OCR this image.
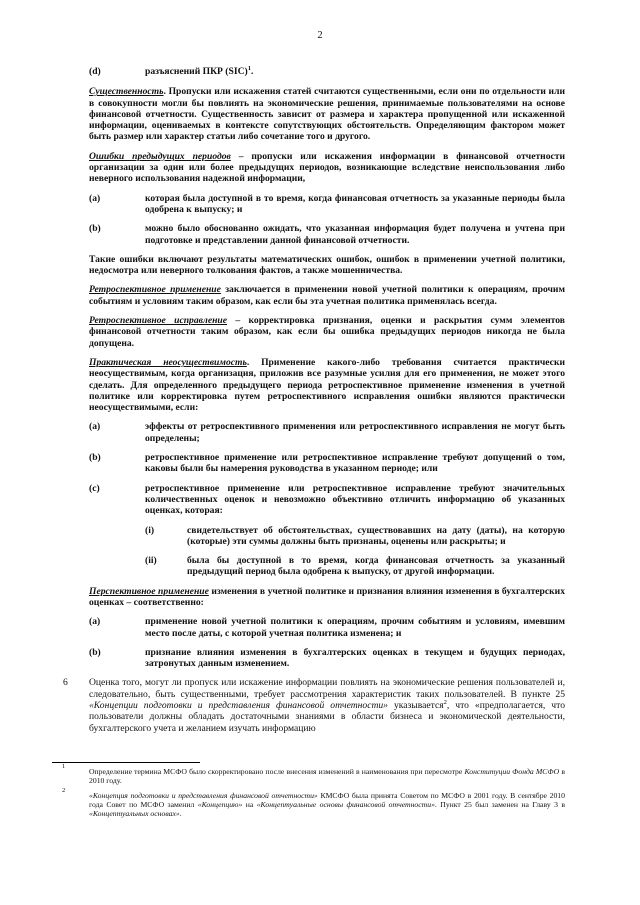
2
(d)	разъяснений ПКР (SIC)$^1$.

Существенность. Пропуски или искажения статей считаются существенными, если они по отдельности или в совокупности могли бы повлиять на экономические решения, принимаемые пользователями на основе финансовой отчетности. Существенность зависит от размера и характера пропущенной или искаженной информации, оцениваемых в контексте сопутствующих обстоятельств. Определяющим фактором может быть размер или характер статьи либо сочетание того и другого.

Ошибки предыдущих периодов – пропуски или искажения информации в финансовой отчетности организации за один или более предыдущих периодов, возникающие вследствие неиспользования либо неверного использования надежной информации,

(a)	которая была доступной в то время, когда финансовая отчетность за указанные периоды была одобрена к выпуску; и

(b)	можно было обоснованно ожидать, что указанная информация будет получена и учтена при подготовке и представлении данной финансовой отчетности.

Такие ошибки включают результаты математических ошибок, ошибок в применении учетной политики, недосмотра или неверного толкования фактов, а также мошенничества.

Ретроспективное применение заключается в применении новой учетной политики к операциям, прочим событиям и условиям таким образом, как если бы эта учетная политика применялась всегда.

Ретроспективное исправление – корректировка признания, оценки и раскрытия сумм элементов финансовой отчетности таким образом, как если бы ошибка предыдущих периодов никогда не была допущена.

Практическая неосуществимость. Применение какого-либо требования считается практически неосуществимым, когда организация, приложив все разумные усилия для его применения, не может этого сделать. Для определенного предыдущего периода ретроспективное применение изменения в учетной политике или корректировка путем ретроспективного исправления ошибки являются практически неосуществимыми, если:

(a)	эффекты от ретроспективного применения или ретроспективного исправления не могут быть определены;

(b)	ретроспективное применение или ретроспективное исправление требуют допущений о том, каковы были бы намерения руководства в указанном периоде; или

(c)	ретроспективное применение или ретроспективное исправление требуют значительных количественных оценок и невозможно объективно отличить информацию об указанных оценках, которая:

(i)	свидетельствует об обстоятельствах, существовавших на дату (даты), на которую (которые) эти суммы должны быть признаны, оценены или раскрыты; и

(ii)	была бы доступной в то время, когда финансовая отчетность за указанный предыдущий период была одобрена к выпуску, от другой информации.

Перспективное применение изменения в учетной политике и признания влияния изменения в бухгалтерских оценках – соответственно:

(a)	применение новой учетной политики к операциям, прочим событиям и условиям, имевшим место после даты, с которой учетная политика изменена; и

(b)	признание влияния изменения в бухгалтерских оценках в текущем и будущих периодах, затронутых данным изменением.

6 Оценка того, могут ли пропуск или искажение информации повлиять на экономические решения пользователей и, следовательно, быть существенными, требует рассмотрения характеристик таких пользователей. В пункте 25 «Концепции подготовки и представления финансовой отчетности» указывается$^2$, что «предполагается, что пользователи должны обладать достаточными знаниями в области бизнеса и экономической деятельности, бухгалтерского учета и желанием изучать информацию

1
Определение термина МСФО было скорректировано после внесения изменений в наименования при пересмотре Конституции Фонда МСФО в 2010 году.
2
«Концепция подготовки и представления финансовой отчетности» КМСФО была принята Советом по МСФО в 2001 году. В сентябре 2010 года Совет по МСФО заменил «Концепцию» на «Концептуальные основы финансовой отчетности». Пункт 25 был заменен на Главу 3 в «Концептуальных основах».
